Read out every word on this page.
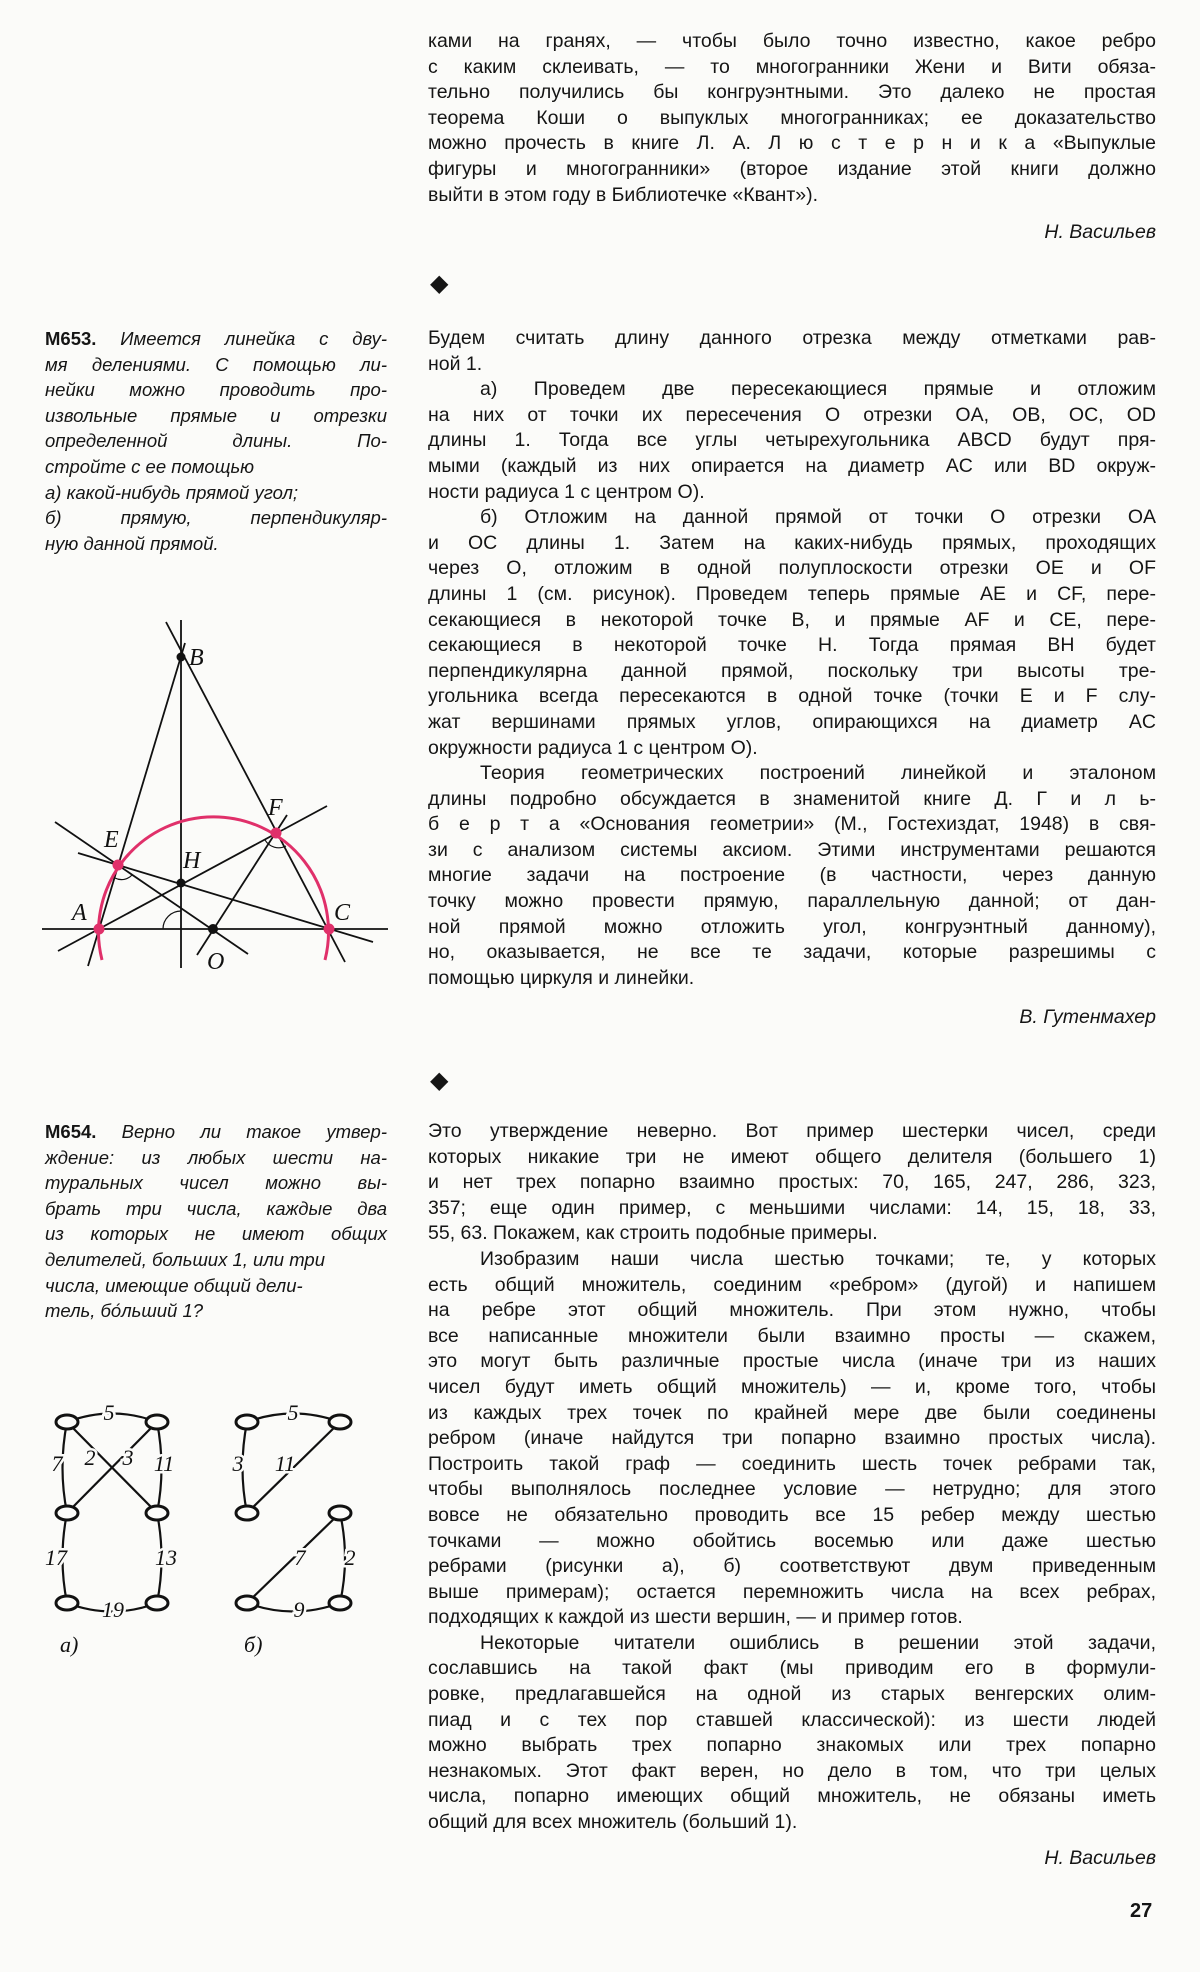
ками на гранях, — чтобы было точно известно, какое ребро
с каким склеивать, — то многогранники Жени и Вити обяза-
тельно получились бы конгруэнтными. Это далеко не простая
теорема Коши о выпуклых многогранниках; ее доказательство
можно прочесть в книге Л. А. Л ю с т е р н и к а «Выпуклые
фигуры и многогранники» (второе издание этой книги должно
выйти в этом году в Библиотечке «Квант»).
Н. Васильев
◆
M653. Имеется линейка с дву-
мя делениями. С помощью ли-
нейки можно проводить про-
извольные прямые и отрезки
определенной длины. По-
стройте с ее помощью
а) какой-нибудь прямой угол;
б) прямую, перпендикуляр-
ную данной прямой.
Будем считать длину данного отрезка между отметками рав-
ной 1.
а) Проведем две пересекающиеся прямые и отложим
на них от точки их пересечения O отрезки OA, OB, OC, OD
длины 1. Тогда все углы четырехугольника ABCD будут пря-
мыми (каждый из них опирается на диаметр AC или BD окруж-
ности радиуса 1 с центром O).
б) Отложим на данной прямой от точки O отрезки OA
и OC длины 1. Затем на каких-нибудь прямых, проходящих
через O, отложим в одной полуплоскости отрезки OE и OF
длины 1 (см. рисунок). Проведем теперь прямые AE и CF, пере-
секающиеся в некоторой точке B, и прямые AF и CE, пере-
секающиеся в некоторой точке H. Тогда прямая BH будет
перпендикулярна данной прямой, поскольку три высоты тре-
угольника всегда пересекаются в одной точке (точки E и F слу-
жат вершинами прямых углов, опирающихся на диаметр AC
окружности радиуса 1 с центром O).
Теория геометрических построений линейкой и эталоном
длины подробно обсуждается в знаменитой книге Д. Г и л ь-
б е р т а «Основания геометрии» (М., Гостехиздат, 1948) в свя-
зи с анализом системы аксиом. Этими инструментами решаются
многие задачи на построение (в частности, через данную
точку можно провести прямую, параллельную данной; от дан-
ной прямой можно отложить угол, конгруэнтный данному),
но, оказывается, не все те задачи, которые разрешимы с
помощью циркуля и линейки.
В. Гутенмахер
◆
M654. Верно ли такое утвер-
ждение: из любых шести на-
туральных чисел можно вы-
брать три числа, каждые два
из которых не имеют общих
делителей, больших 1, или три
числа, имеющие общий дели-
тель, бо́льший 1?
Это утверждение неверно. Вот пример шестерки чисел, среди
которых никакие три не имеют общего делителя (большего 1)
и нет трех попарно взаимно простых: 70, 165, 247, 286, 323,
357; еще один пример, с меньшими числами: 14, 15, 18, 33,
55, 63. Покажем, как строить подобные примеры.
Изобразим наши числа шестью точками; те, у которых
есть общий множитель, соединим «ребром» (дугой) и напишем
на ребре этот общий множитель. При этом нужно, чтобы
все написанные множители были взаимно просты — скажем,
это могут быть различные простые числа (иначе три из наших
чисел будут иметь общий множитель) — и, кроме того, чтобы
из каждых трех точек по крайней мере две были соединены
ребром (иначе найдутся три попарно взаимно простых числа).
Построить такой граф — соединить шесть точек ребрами так,
чтобы выполнялось последнее условие — нетрудно; для этого
вовсе не обязательно проводить все 15 ребер между шестью
точками — можно обойтись восемью или даже шестью
ребрами (рисунки а), б) соответствуют двум приведенным
выше примерам); остается перемножить числа на всех ребрах,
подходящих к каждой из шести вершин, — и пример готов.
Некоторые читатели ошиблись в решении этой задачи,
сославшись на такой факт (мы приводим его в формули-
ровке, предлагавшейся на одной из старых венгерских олим-
пиад и с тех пор ставшей классической): из шести людей
можно выбрать трех попарно знакомых или трех попарно
незнакомых. Этот факт верен, но дело в том, что три целых
числа, попарно имеющих общий множитель, не обязаны иметь
общий для всех множитель (больший 1).
Н. Васильев
27
B
A
E
H
F
C
O
5
7	11
2 3
17	13
19
5
3 11
7 2
9
а)	б)
